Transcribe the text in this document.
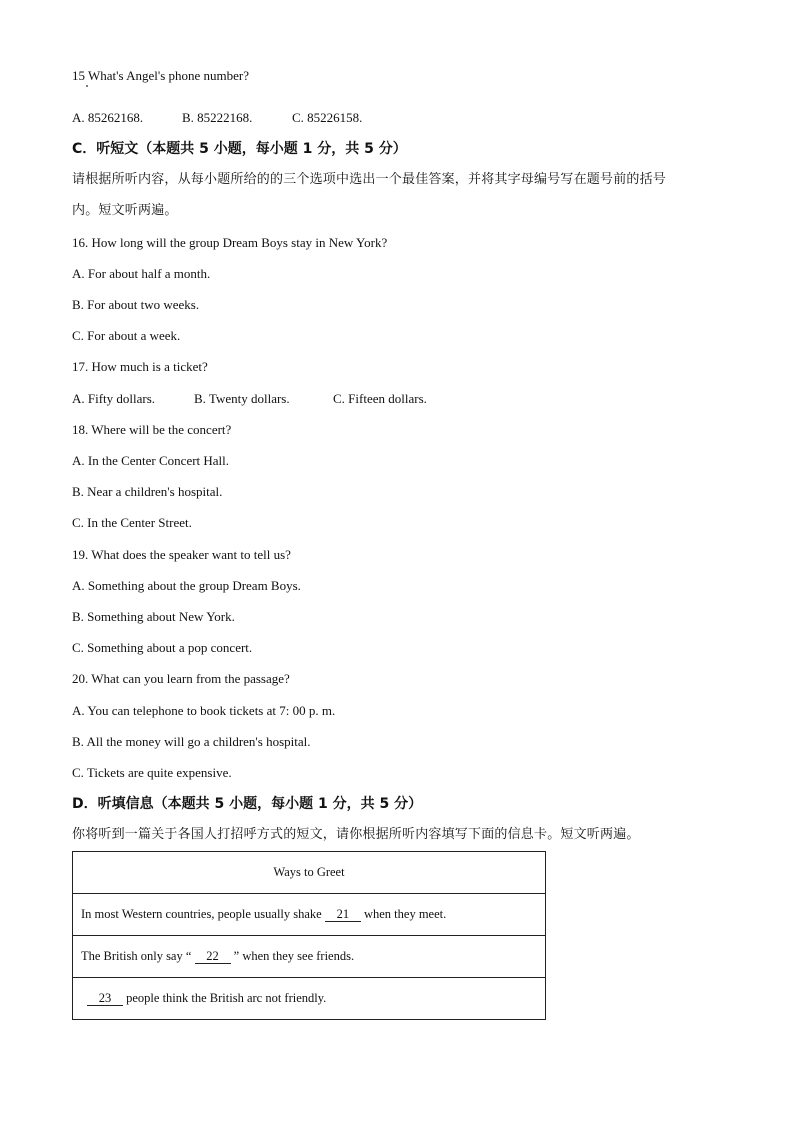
15 What's Angel's phone number?
A. 85262168.	B. 85222168.	C. 85226158.
C．听短文（本题共 5 小题，每小题 1 分，共 5 分）
请根据所听内容，从每小题所给的的三个选项中选出一个最佳答案，并将其字母编号写在题号前的括号
内。短文听两遍。
16. How long will the group Dream Boys stay in New York?
A. For about half a month.
B. For about two weeks.
C. For about a week.
17. How much is a ticket?
A. Fifty dollars.	B. Twenty dollars.	C. Fifteen dollars.
18. Where will be the concert?
A. In the Center Concert Hall.
B. Near a children's hospital.
C. In the Center Street.
19. What does the speaker want to tell us?
A. Something about the group Dream Boys.
B. Something about New York.
C. Something about a pop concert.
20. What can you learn from the passage?
A. You can telephone to book tickets at 7: 00 p. m.
B. All the money will go a children's hospital.
C. Tickets are quite expensive.
D．听填信息（本题共 5 小题，每小题 1 分，共 5 分）
你将听到一篇关于各国人打招呼方式的短文，请你根据所听内容填写下面的信息卡。短文听两遍。
Ways to Greet
In most Western countries, people usually shake 21 when they meet.
The British only say “ 22 ” when they see friends.
23 people think the British arc not friendly.
